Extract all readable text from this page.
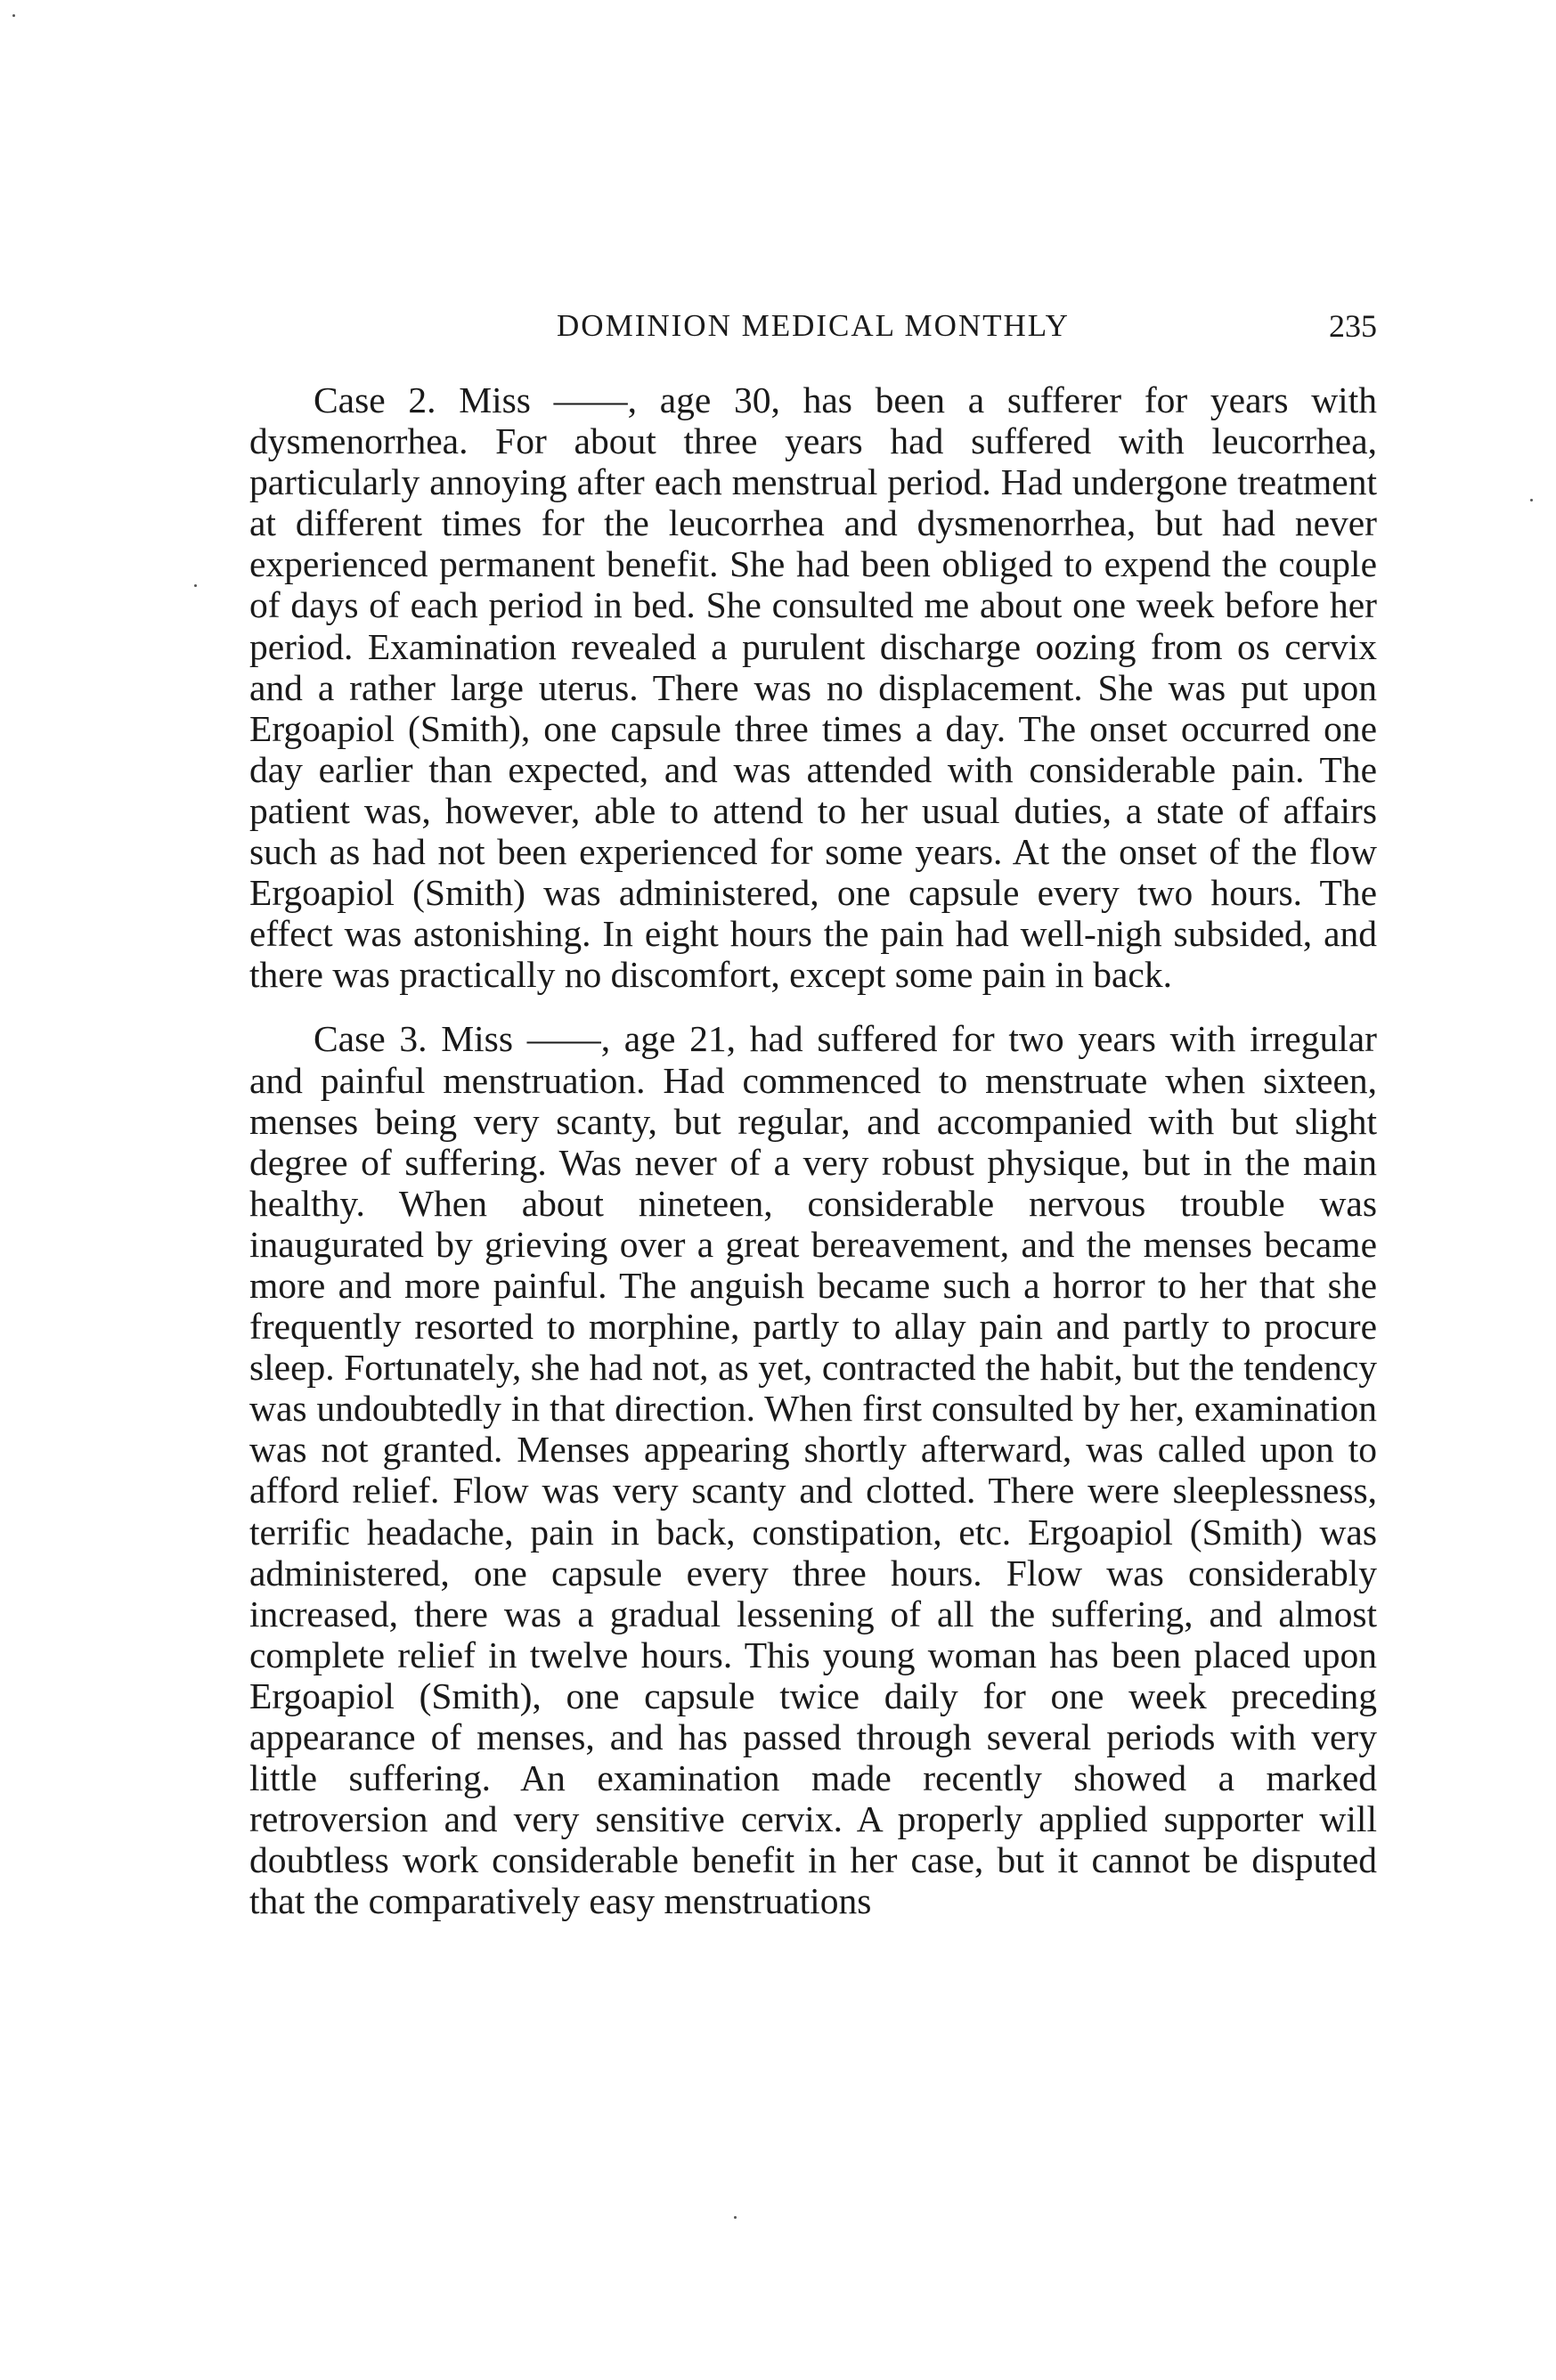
DOMINION MEDICAL MONTHLY	235

Case 2. Miss ——, age 30, has been a sufferer for years with dysmenorrhea. For about three years had suffered with leucorrhea, particularly annoying after each menstrual period. Had undergone treatment at different times for the leucorrhea and dysmenorrhea, but had never experienced permanent benefit. She had been obliged to expend the couple of days of each period in bed. She consulted me about one week before her period. Examination revealed a purulent discharge oozing from os cervix and a rather large uterus. There was no displacement. She was put upon Ergoapiol (Smith), one capsule three times a day. The onset occurred one day earlier than expected, and was attended with considerable pain. The patient was, however, able to attend to her usual duties, a state of affairs such as had not been experienced for some years. At the onset of the flow Ergoapiol (Smith) was administered, one capsule every two hours. The effect was astonishing. In eight hours the pain had well-nigh subsided, and there was practically no discomfort, except some pain in back.

Case 3. Miss ——, age 21, had suffered for two years with irregular and painful menstruation. Had commenced to menstruate when sixteen, menses being very scanty, but regular, and accompanied with but slight degree of suffering. Was never of a very robust physique, but in the main healthy. When about nineteen, considerable nervous trouble was inaugurated by grieving over a great bereavement, and the menses became more and more painful. The anguish became such a horror to her that she frequently resorted to morphine, partly to allay pain and partly to procure sleep. Fortunately, she had not, as yet, contracted the habit, but the tendency was undoubtedly in that direction. When first consulted by her, examination was not granted. Menses appearing shortly afterward, was called upon to afford relief. Flow was very scanty and clotted. There were sleeplessness, terrific headache, pain in back, constipation, etc. Ergoapiol (Smith) was administered, one capsule every three hours. Flow was considerably increased, there was a gradual lessening of all the suffering, and almost complete relief in twelve hours. This young woman has been placed upon Ergoapiol (Smith), one capsule twice daily for one week preceding appearance of menses, and has passed through several periods with very little suffering. An examination made recently showed a marked retroversion and very sensitive cervix. A properly applied supporter will doubtless work considerable benefit in her case, but it cannot be disputed that the comparatively easy menstruations
